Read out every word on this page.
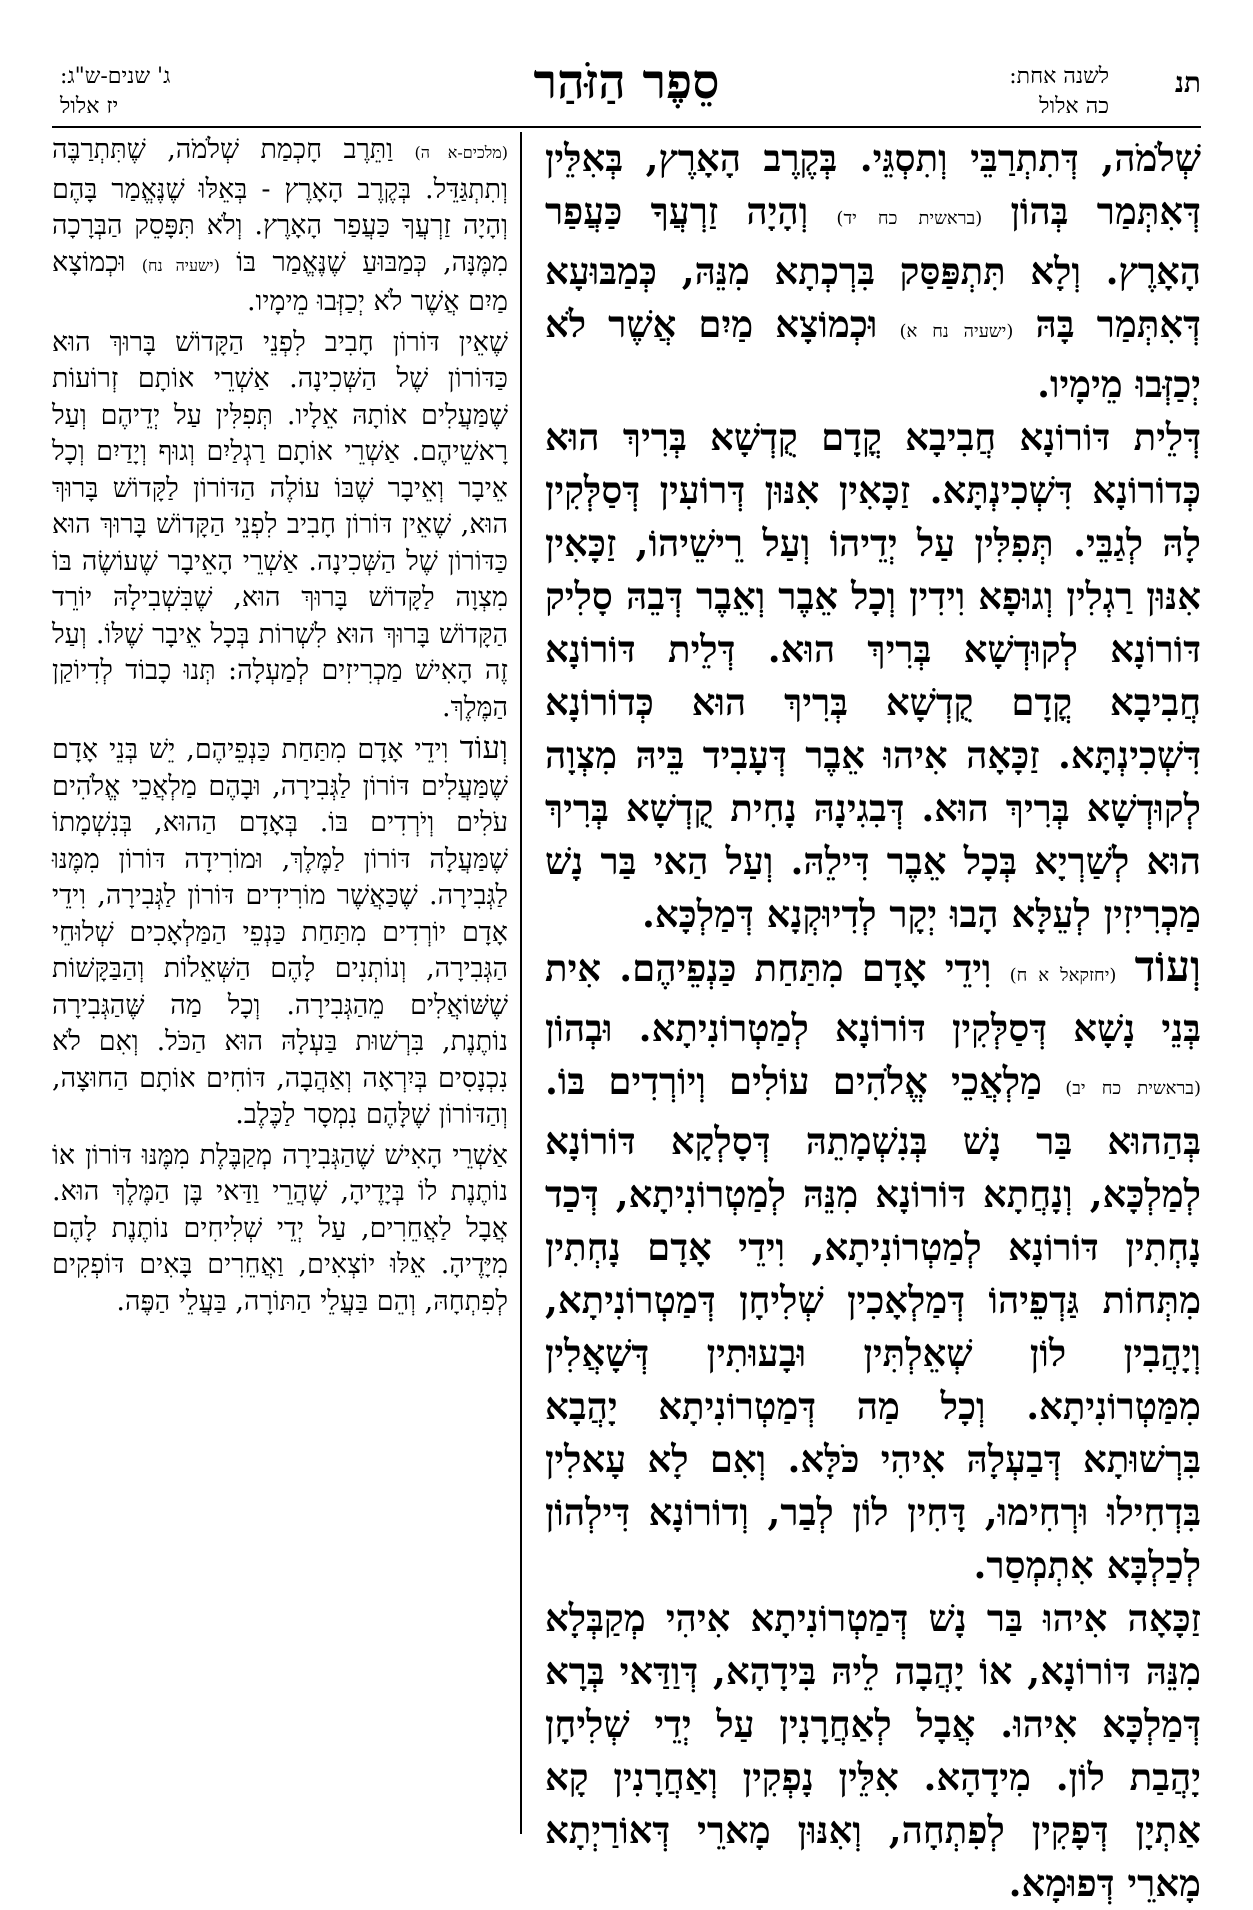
תנ
לשנה אחת:
כה אלול
סֵפֶר הַזֹּהַר
ג' שנים-ש"ג:
יז אלול

שְׁלֹמֹה, דְּתִתְרַבֵּי וְתִסְגֵּי. בְּקֶרֶב הָאָרֶץ, בְּאִלֵּין דְּאִתְּמַר בְּהוֹן (בראשית כח יד) וְהָיָה זַרְעֲךָ כַּעֲפַר הָאָרֶץ. וְלָא תִּתְפַּסַּק בִּרְכְתָא מִנֵּהּ, כְּמַבּוּעָא דְּאִתְּמַר בָּהּ (ישעיה נח א) וּכְמוֹצָא מַיִם אֲשֶׁר לֹא יְכַזְּבוּ מֵימָיו.

דְּלֵית דּוֹרוֹנָא חֲבִיבָא קֳדָם קֻדְשָׁא בְּרִיךְ הוּא כְּדוֹרוֹנָא דִּשְׁכִינְתָּא. זַכָּאִין אִנּוּן דְּרוֹעִין דְּסַלְּקִין לָהּ לְגַבֵּי. תְּפִלִּין עַל יְדֵיהוֹ וְעַל רֵישֵׁיהוֹ, זַכָּאִין אִנּוּן רַגְלִין וְגוּפָא וִידִין וְכָל אֵבֶר וְאֵבֶר דְּבֵהּ סָלִיק דּוֹרוֹנָא לְקוּדְשָׁא בְּרִיךְ הוּא. דְּלֵית דּוֹרוֹנָא חֲבִיבָא קֳדָם קֻדְשָׁא בְּרִיךְ הוּא כְּדוֹרוֹנָא דִּשְׁכִינְתָּא. זַכָּאָה אִיהוּ אֵבֶר דְּעָבִיד בֵּיהּ מִצְוָה לְקוּדְשָׁא בְּרִיךְ הוּא. דְּבִגִינָהּ נָחִית קֻדְשָׁא בְּרִיךְ הוּא לְשַׁרְיָא בְּכָל אֵבֶר דִּילֵהּ. וְעַל הַאי בַּר נָשׁ מַכְרִיזִין לְעֵלָּא הָבוּ יְקָר לְדִיוּקְנָא דְּמַלְכָּא.

וְעוֹד (יחזקאל א ח) וִידֵי אָדָם מִתַּחַת כַּנְפֵיהֶם. אִית בְּנֵי נָשָׁא דְּסַלְּקִין דּוֹרוֹנָא לְמַטְרוֹנִיתָא. וּבְהוֹן (בראשית כח יב) מַלְאֲכֵי אֱלֹהִים עוֹלִים וְיוֹרְדִים בּוֹ. בְּהַהוּא בַּר נָשׁ בְּנִשְׁמָתֵהּ דְּסָלְקָא דּוֹרוֹנָא לְמַלְכָּא, וְנָחֲתָא דּוֹרוֹנָא מִנֵּהּ לְמַטְרוֹנִיתָא, דְּכַד נָחְתִין דּוֹרוֹנָא לְמַטְרוֹנִיתָא, וִידֵי אָדָם נָחְתִין מִתְּחוֹת גַּדְפֵיהוֹ דְּמַלְאָכִין שְׁלִיחָן דְּמַטְרוֹנִיתָא, וְיָהֲבִין לוֹן שְׁאֵלְתִּין וּבָעוּתִין דְּשָׁאֲלִין מִמַּטְרוֹנִיתָא. וְכָל מַה דְּמַטְרוֹנִיתָא יָהֲבָא בִּרְשׁוּתָא דְּבַעְלָהּ אִיהִי כֹּלָּא. וְאִם לָא עָאלִין בִּדְחִילוּ וּרְחִימוּ, דָּחִין לוֹן לְבַר, וְדוֹרוֹנָא דִּילְהוֹן לְכַלְבָּא אִתְמְסַר.

זַכָּאָה אִיהוּ בַּר נָשׁ דְּמַטְרוֹנִיתָא אִיהִי מְקַבְּלָא מִנֵּהּ דּוֹרוֹנָא, אוֹ יָהֲבָה לֵיהּ בִּידָהָא, דְּוַדַּאי בְּרָא דְּמַלְכָּא אִיהוּ. אֲבָל לְאַחֲרָנִין עַל יְדֵי שְׁלִיחָן יָהֲבַת לוֹן. מִידָהָא. אִלֵּין נָפְקִין וְאַחֲרָנִין קָא אַתְיָן דְּפָקִין לְפִתְחָה, וְאִנּוּן מָארֵי דְּאוֹרַיְתָא מָארֵי דְּפוּמָא.

(מלכים-א ה) וַתֵּרֶב חָכְמַת שְׁלֹמֹה, שֶׁתִּתְרַבֶּה וְתִתְגַּדֵּל. בְּקֶרֶב הָאָרֶץ - בְּאֵלּוּ שֶׁנֶּאֱמַר בָּהֶם וְהָיָה זַרְעֲךָ כַּעֲפַר הָאָרֶץ. וְלֹא תִּפָּסֵק הַבְּרָכָה מִמֶּנָּה, כְּמַבּוּעַ שֶׁנֶּאֱמַר בּוֹ (ישעיה נח) וּכְמוֹצָא מַיִם אֲשֶׁר לֹא יְכַזְּבוּ מֵימָיו.

שֶׁאֵין דּוֹרוֹן חָבִיב לִפְנֵי הַקָּדוֹשׁ בָּרוּךְ הוּא כַּדּוֹרוֹן שֶׁל הַשְּׁכִינָה. אַשְׁרֵי אוֹתָם זְרוֹעוֹת שֶׁמַּעֲלִים אוֹתָהּ אֵלָיו. תְּפִלִּין עַל יְדֵיהֶם וְעַל רָאשֵׁיהֶם. אַשְׁרֵי אוֹתָם רַגְלַיִם וְגוּף וְיָדַיִם וְכָל אֵיבָר וְאֵיבָר שֶׁבּוֹ עוֹלֶה הַדּוֹרוֹן לַקָּדוֹשׁ בָּרוּךְ הוּא, שֶׁאֵין דּוֹרוֹן חָבִיב לִפְנֵי הַקָּדוֹשׁ בָּרוּךְ הוּא כַּדּוֹרוֹן שֶׁל הַשְּׁכִינָה. אַשְׁרֵי הָאֵיבָר שֶׁעוֹשֶׂה בּוֹ מִצְוָה לַקָּדוֹשׁ בָּרוּךְ הוּא, שֶׁבִּשְׁבִילָהּ יוֹרֵד הַקָּדוֹשׁ בָּרוּךְ הוּא לִשְׁרוֹת בְּכָל אֵיבָר שֶׁלּוֹ. וְעַל זֶה הָאִישׁ מַכְרִיזִים לְמַעְלָה: תְּנוּ כָבוֹד לְדִיוֹקַן הַמֶּלֶךְ.

וְעוֹד וִידֵי אָדָם מִתַּחַת כַּנְפֵיהֶם, יֵשׁ בְּנֵי אָדָם שֶׁמַּעֲלִים דּוֹרוֹן לַגְּבִירָה, וּבָהֶם מַלְאֲכֵי אֱלֹהִים עֹלִים וְיֹרְדִים בּוֹ. בְּאָדָם הַהוּא, בְּנִשְׁמָתוֹ שֶׁמַּעֲלָה דּוֹרוֹן לַמֶּלֶךְ, וּמוֹרִידָה דּוֹרוֹן מִמֶּנּוּ לַגְּבִירָה. שֶׁכַּאֲשֶׁר מוֹרִידִים דּוֹרוֹן לַגְּבִירָה, וִידֵי אָדָם יוֹרְדִים מִתַּחַת כַּנְפֵי הַמַּלְאָכִים שְׁלוּחֵי הַגְּבִירָה, וְנוֹתְנִים לָהֶם הַשְּׁאֵלוֹת וְהַבַּקָּשׁוֹת שֶׁשּׁוֹאֲלִים מֵהַגְּבִירָה. וְכָל מַה שֶּׁהַגְּבִירָה נוֹתֶנֶת, בִּרְשׁוּת בַּעְלָהּ הוּא הַכֹּל. וְאִם לֹא נִכְנָסִים בְּיִרְאָה וְאַהֲבָה, דּוֹחִים אוֹתָם הַחוּצָה, וְהַדּוֹרוֹן שֶׁלָּהֶם נִמְסָר לַכֶּלֶב.

אַשְׁרֵי הָאִישׁ שֶׁהַגְּבִירָה מְקַבֶּלֶת מִמֶּנּוּ דּוֹרוֹן אוֹ נוֹתֶנֶת לוֹ בְּיָדֶיהָ, שֶׁהֲרֵי וַדַּאי בֶּן הַמֶּלֶךְ הוּא. אֲבָל לַאֲחֵרִים, עַל יְדֵי שְׁלִיחִים נוֹתֶנֶת לָהֶם מִיָּדֶיהָ. אֵלּוּ יוֹצְאִים, וַאֲחֵרִים בָּאִים דּוֹפְקִים לְפִתְחָהּ, וְהֵם בַּעֲלֵי הַתּוֹרָה, בַּעֲלֵי הַפֶּה.
